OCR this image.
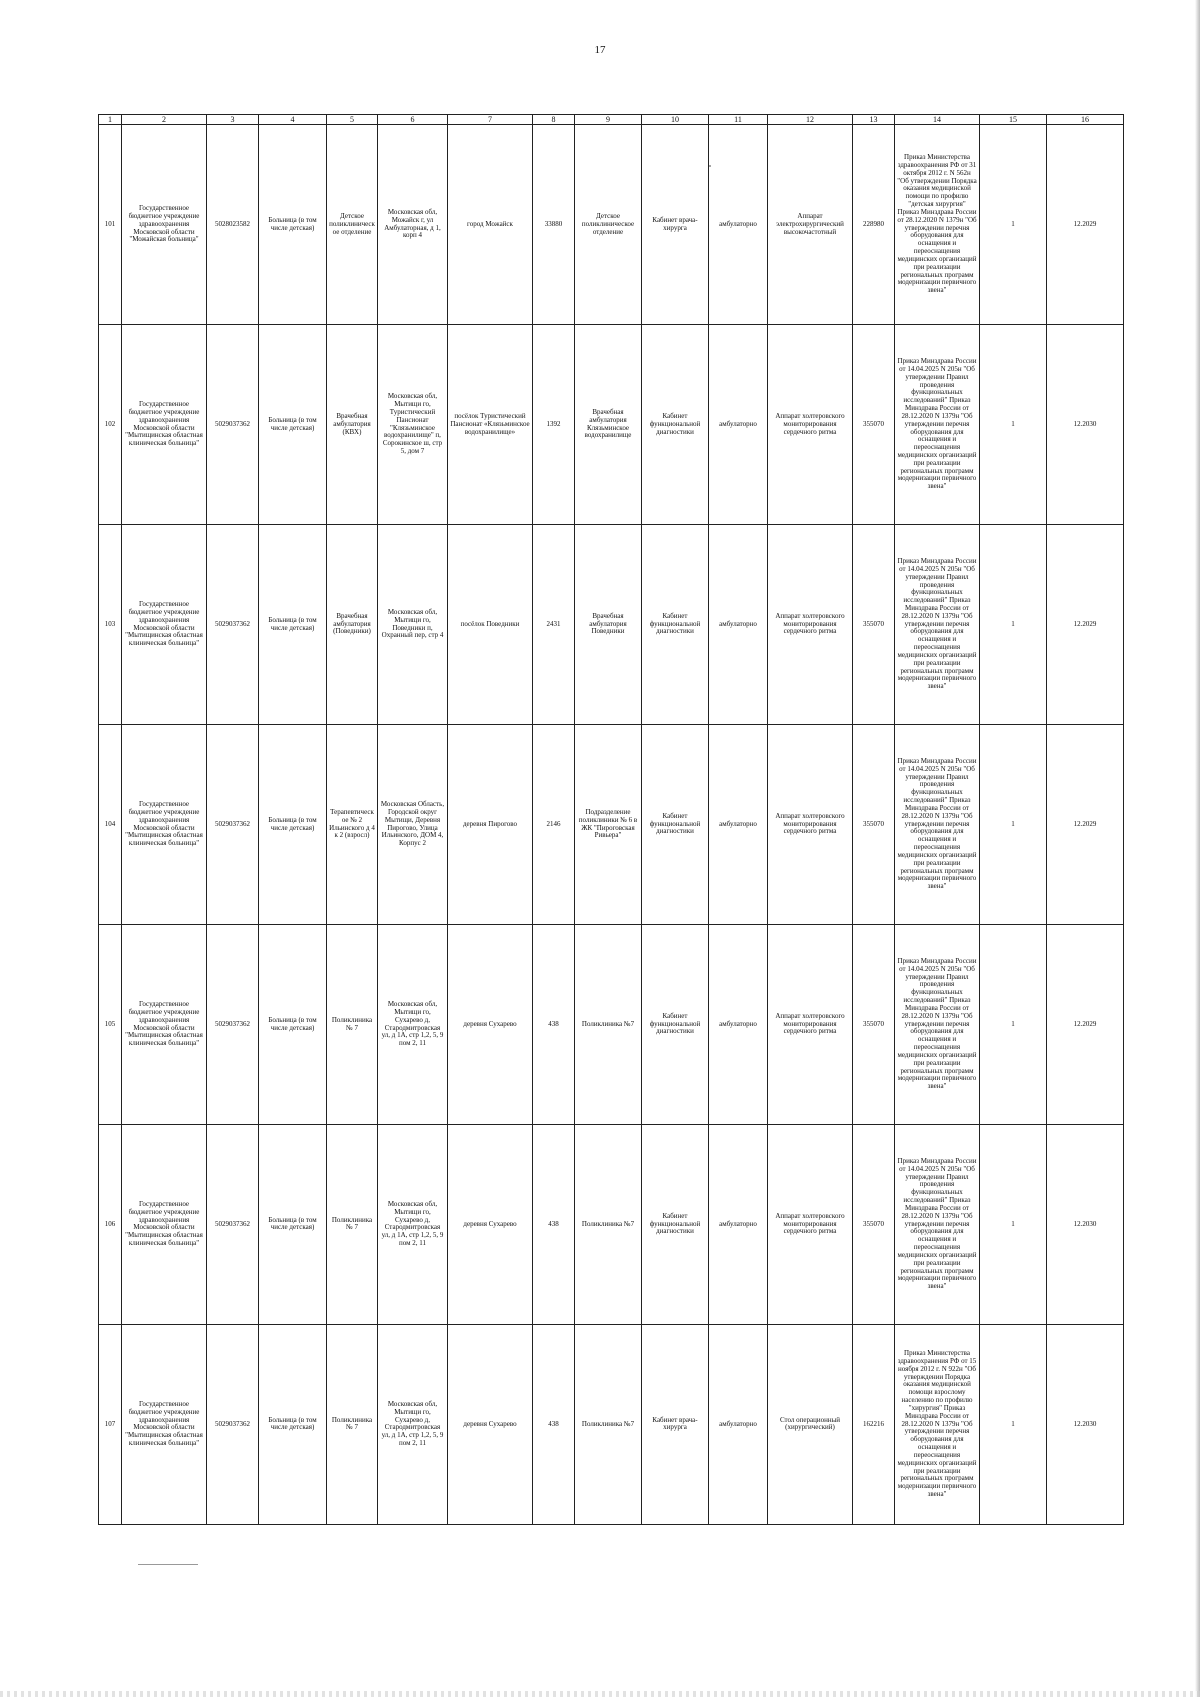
17
1	2	3	4	5	6	7	8	9	10	11	12	13	14	15	16
101	Государственное бюджетное учреждение здравоохранения Московской области "Можайская больница"	5028023582	Больница (в том числе детская)	Детское поликлиническое отделение	Московская обл, Можайск г, ул Амбулаторная, д 1, корп 4	город Можайск	33880	Детское поликлиническое отделение	Кабинет врача-хирурга	амбулаторно	Аппарат электрохирургический высокочастотный	228980	Приказ Министерства здравоохранения РФ от 31 октября 2012 г. N 562н "Об утверждении Порядка оказания медицинской помощи по профилю "детская хирургия" Приказ Минздрава России от 28.12.2020 N 1379н "Об утверждении перечня оборудования для оснащения и переоснащения медицинских организаций при реализации региональных программ модернизации первичного звена"	1	12.2029
102	Государственное бюджетное учреждение здравоохранения Московской области "Мытищинская областная клиническая больница"	5029037362	Больница (в том числе детская)	Врачебная амбулатория (КВХ)	Московская обл, Мытищи го, Туристический Пансионат "Клязьминское водохранилище" п, Сорокинское ш, стр 5, дом 7	посёлок Туристический Пансионат «Клязьминское водохранилище»	1392	Врачебная амбулатория Клязьминское водохранилище	Кабинет функциональной диагностики	амбулаторно	Аппарат холтеровского мониторирования сердечного ритма	355070	Приказ Минздрава России от 14.04.2025 N 205н "Об утверждении Правил проведения функциональных исследований" Приказ Минздрава России от 28.12.2020 N 1379н "Об утверждении перечня оборудования для оснащения и переоснащения медицинских организаций при реализации региональных программ модернизации первичного звена"	1	12.2030
103	Государственное бюджетное учреждение здравоохранения Московской области "Мытищинская областная клиническая больница"	5029037362	Больница (в том числе детская)	Врачебная амбулатория (Поведники)	Московская обл, Мытищи го, Поведники п, Охранный пер, стр 4	посёлок Поведники	2431	Врачебная амбулатория Поведники	Кабинет функциональной диагностики	амбулаторно	Аппарат холтеровского мониторирования сердечного ритма	355070	Приказ Минздрава России от 14.04.2025 N 205н "Об утверждении Правил проведения функциональных исследований" Приказ Минздрава России от 28.12.2020 N 1379н "Об утверждении перечня оборудования для оснащения и переоснащения медицинских организаций при реализации региональных программ модернизации первичного звена"	1	12.2029
104	Государственное бюджетное учреждение здравоохранения Московской области "Мытищинская областная клиническая больница"	5029037362	Больница (в том числе детская)	Терапевтическое № 2 Ильинского д 4 к 2 (взросл)	Московская Область, Городской округ Мытищи, Деревня Пирогово, Улица Ильинского, ДОМ 4, Корпус 2	деревня Пирогово	2146	Подразделение поликлиники № 6 в ЖК "Пироговская Ривьера"	Кабинет функциональной диагностики	амбулаторно	Аппарат холтеровского мониторирования сердечного ритма	355070	Приказ Минздрава России от 14.04.2025 N 205н "Об утверждении Правил проведения функциональных исследований" Приказ Минздрава России от 28.12.2020 N 1379н "Об утверждении перечня оборудования для оснащения и переоснащения медицинских организаций при реализации региональных программ модернизации первичного звена"	1	12.2029
105	Государственное бюджетное учреждение здравоохранения Московской области "Мытищинская областная клиническая больница"	5029037362	Больница (в том числе детская)	Поликлиника № 7	Московская обл, Мытищи го, Сухарево д, Стародмитровская ул, д 1А, стр 1,2, 5, 9 пом 2, 11	деревня Сухарево	438	Поликлиника №7	Кабинет функциональной диагностики	амбулаторно	Аппарат холтеровского мониторирования сердечного ритма	355070	Приказ Минздрава России от 14.04.2025 N 205н "Об утверждении Правил проведения функциональных исследований" Приказ Минздрава России от 28.12.2020 N 1379н "Об утверждении перечня оборудования для оснащения и переоснащения медицинских организаций при реализации региональных программ модернизации первичного звена"	1	12.2029
106	Государственное бюджетное учреждение здравоохранения Московской области "Мытищинская областная клиническая больница"	5029037362	Больница (в том числе детская)	Поликлиника № 7	Московская обл, Мытищи го, Сухарево д, Стародмитровская ул, д 1А, стр 1,2, 5, 9 пом 2, 11	деревня Сухарево	438	Поликлиника №7	Кабинет функциональной диагностики	амбулаторно	Аппарат холтеровского мониторирования сердечного ритма	355070	Приказ Минздрава России от 14.04.2025 N 205н "Об утверждении Правил проведения функциональных исследований" Приказ Минздрава России от 28.12.2020 N 1379н "Об утверждении перечня оборудования для оснащения и переоснащения медицинских организаций при реализации региональных программ модернизации первичного звена"	1	12.2030
107	Государственное бюджетное учреждение здравоохранения Московской области "Мытищинская областная клиническая больница"	5029037362	Больница (в том числе детская)	Поликлиника № 7	Московская обл, Мытищи го, Сухарево д, Стародмитровская ул, д 1А, стр 1,2, 5, 9 пом 2, 11	деревня Сухарево	438	Поликлиника №7	Кабинет врача-хирурга	амбулаторно	Стол операционный (хирургический)	162216	Приказ Министерства здравоохранения РФ от 15 ноября 2012 г. N 922н "Об утверждении Порядка оказания медицинской помощи взрослому населению по профилю "хирургия" Приказ Минздрава России от 28.12.2020 N 1379н "Об утверждении перечня оборудования для оснащения и переоснащения медицинских организаций при реализации региональных программ модернизации первичного звена"	1	12.2030
